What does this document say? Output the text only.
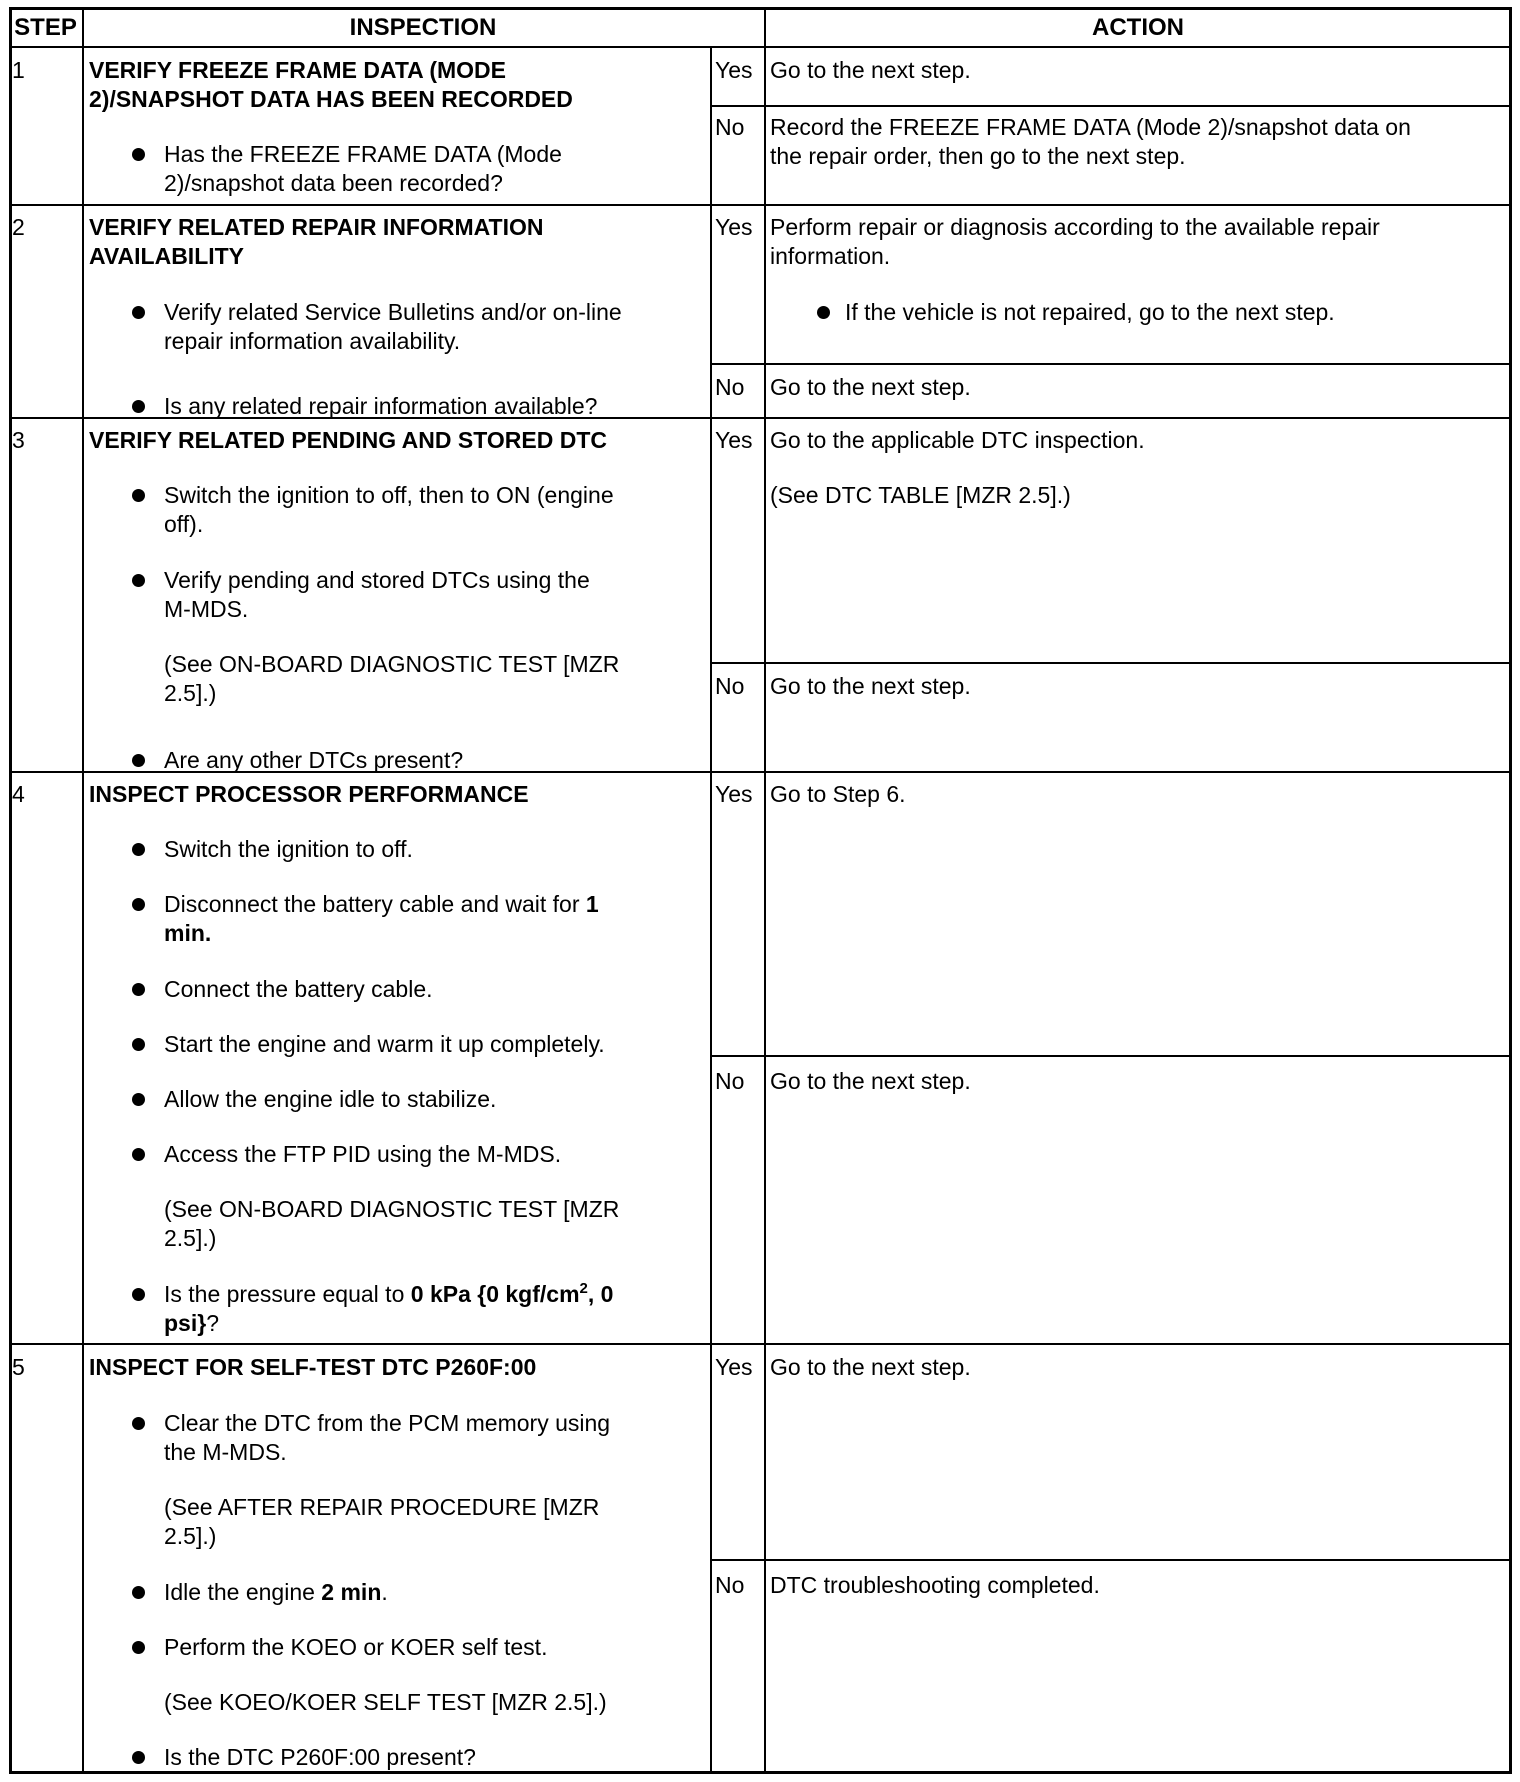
STEP	INSPECTION	ACTION
1	VERIFY FREEZE FRAME DATA (MODE
2)/SNAPSHOT DATA HAS BEEN RECORDED
Has the FREEZE FRAME DATA (Mode
2)/snapshot data been recorded?
Yes Go to the next step.
No Record the FREEZE FRAME DATA (Mode 2)/snapshot data on
the repair order, then go to the next step.
2	VERIFY RELATED REPAIR INFORMATION
AVAILABILITY
Verify related Service Bulletins and/or on-line
repair information availability.
Is any related repair information available?
Yes Perform repair or diagnosis according to the available repair
information.
If the vehicle is not repaired, go to the next step.
No Go to the next step.
3	VERIFY RELATED PENDING AND STORED DTC
Switch the ignition to off, then to ON (engine
off).
Verify pending and stored DTCs using the
M-MDS.
(See ON-BOARD DIAGNOSTIC TEST [MZR
2.5].)
Are any other DTCs present?
Yes Go to the applicable DTC inspection.
(See DTC TABLE [MZR 2.5].)
No Go to the next step.
4	INSPECT PROCESSOR PERFORMANCE
Switch the ignition to off.
Disconnect the battery cable and wait for 1
min.
Connect the battery cable.
Start the engine and warm it up completely.
Allow the engine idle to stabilize.
Access the FTP PID using the M-MDS.
(See ON-BOARD DIAGNOSTIC TEST [MZR
2.5].)
Is the pressure equal to 0 kPa {0 kgf/$cm^2$, 0
psi}?
Yes Go to Step 6.
No Go to the next step.
5	INSPECT FOR SELF-TEST DTC P260F:00
Clear the DTC from the PCM memory using
the M-MDS.
(See AFTER REPAIR PROCEDURE [MZR
2.5].)
Idle the engine 2 min.
Perform the KOEO or KOER self test.
(See KOEO/KOER SELF TEST [MZR 2.5].)
Is the DTC P260F:00 present?
Yes Go to the next step.
No DTC troubleshooting completed.
